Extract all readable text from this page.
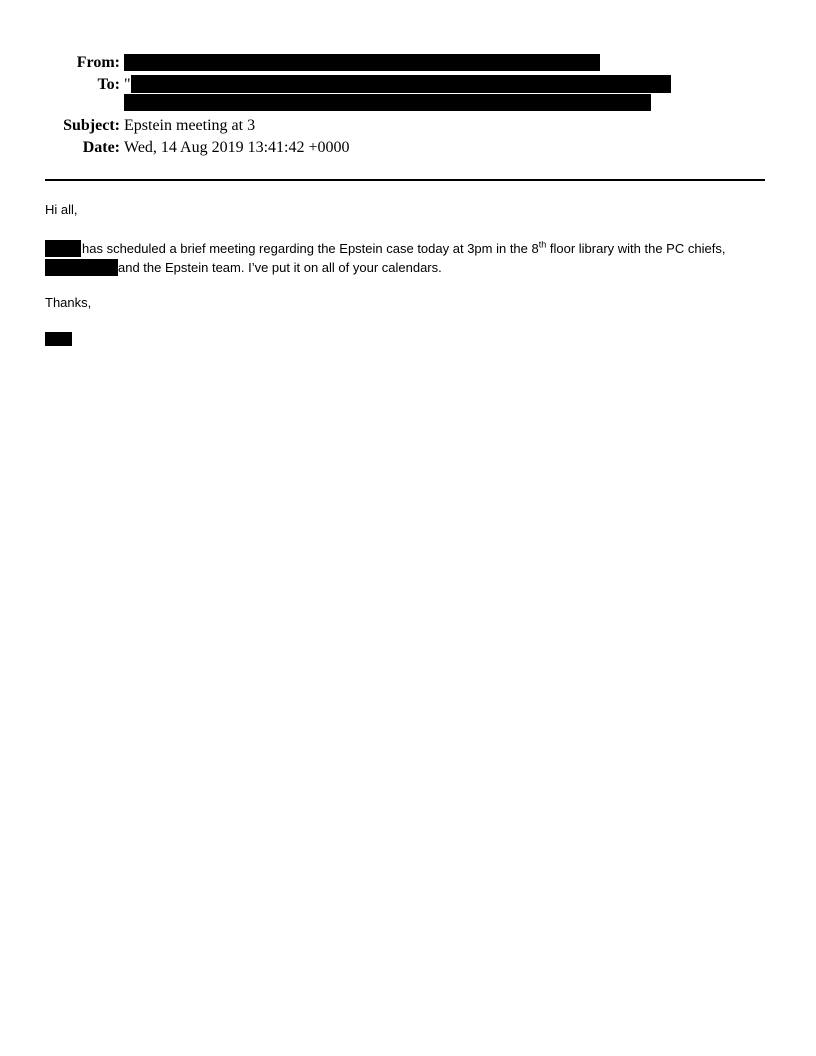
From:
To: "
Subject: Epstein meeting at 3
Date: Wed, 14 Aug 2019 13:41:42 +0000
Hi all,
has scheduled a brief meeting regarding the Epstein case today at 3pm in the 8th floor library with the PC chiefs,
and the Epstein team. I’ve put it on all of your calendars.
Thanks,
